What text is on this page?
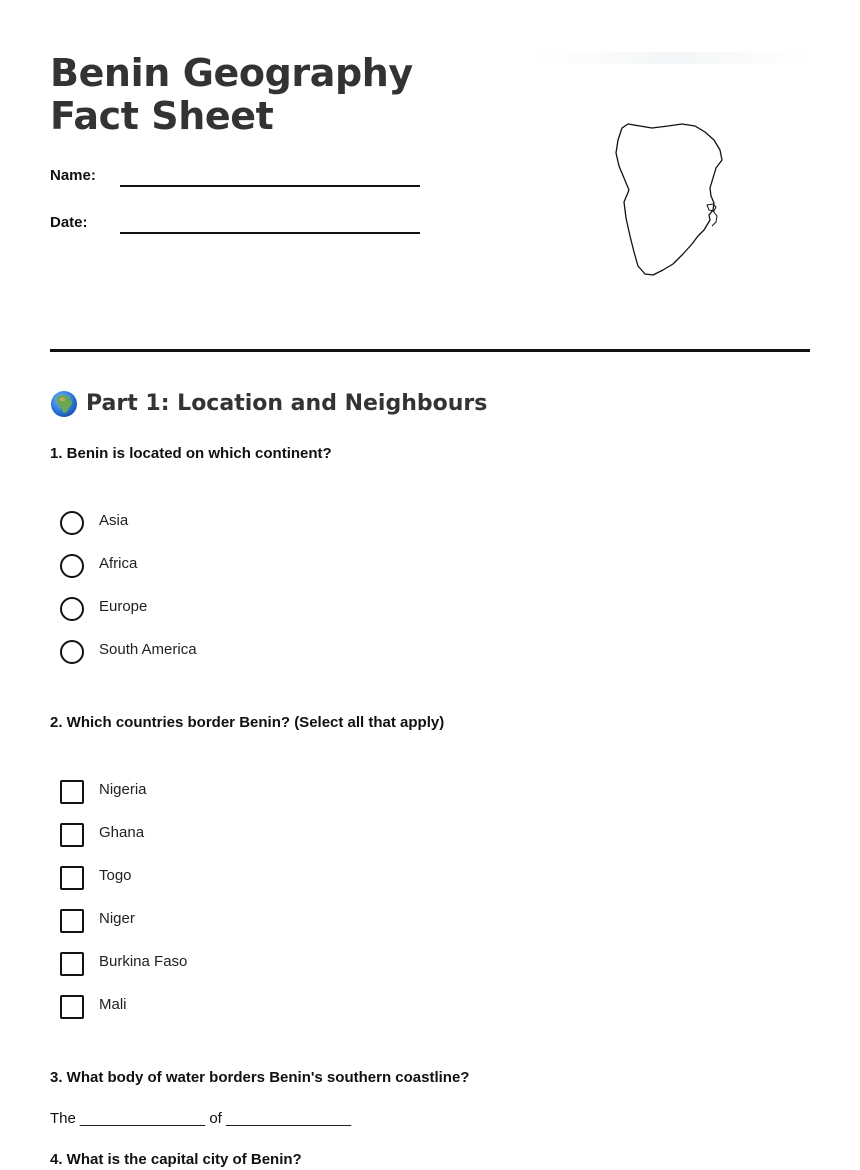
Benin Geography Fact Sheet
Name:
Date:
Part 1: Location and Neighbours

1. Benin is located on which continent?

Asia
Africa
Europe
South America

2. Which countries border Benin? (Select all that apply)

Nigeria
Ghana
Togo
Niger
Burkina Faso
Mali

3. What body of water borders Benin's southern coastline?

The _______________ of _______________

4. What is the capital city of Benin?
